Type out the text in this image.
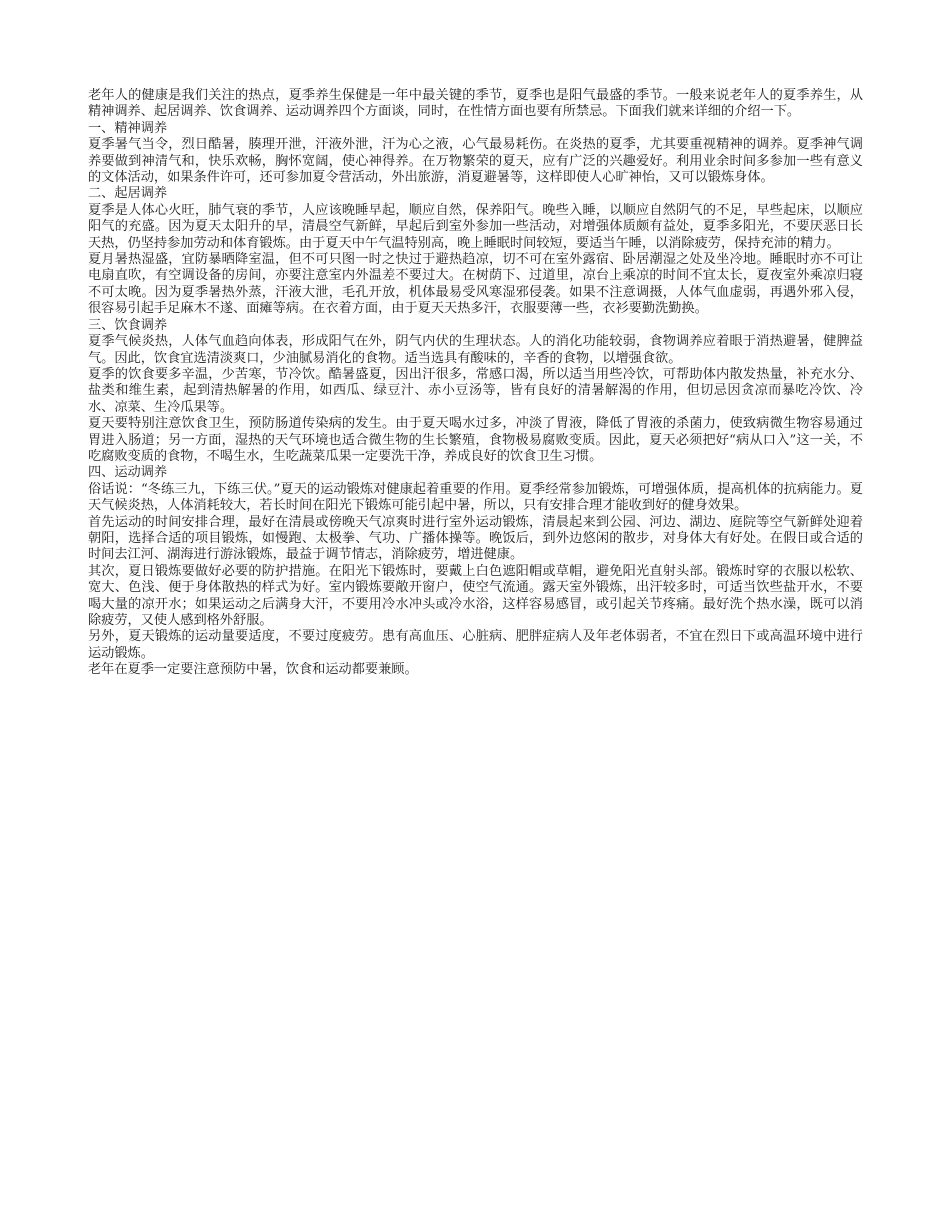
老年人的健康是我们关注的热点，夏季养生保健是一年中最关键的季节，夏季也是阳气最盛的季节。一般来说老年人的夏季养生，从精神调养、起居调养、饮食调养、运动调养四个方面谈，同时，在性情方面也要有所禁忌。下面我们就来详细的介绍一下。

一、精神调养

夏季暑气当令，烈日酷暑，腠理开泄，汗液外泄，汗为心之液，心气最易耗伤。在炎热的夏季，尤其要重视精神的调养。夏季神气调养要做到神清气和，快乐欢畅，胸怀宽阔，使心神得养。在万物繁荣的夏天，应有广泛的兴趣爱好。利用业余时间多参加一些有意义的文体活动，如果条件许可，还可参加夏令营活动，外出旅游，消夏避暑等，这样即使人心旷神怡，又可以锻炼身体。

二、起居调养

夏季是人体心火旺，肺气衰的季节，人应该晚睡早起，顺应自然，保养阳气。晚些入睡，以顺应自然阴气的不足，早些起床，以顺应阳气的充盛。因为夏天太阳升的早，清晨空气新鲜，早起后到室外参加一些活动，对增强体质颇有益处，夏季多阳光，不要厌恶日长天热，仍坚持参加劳动和体育锻炼。由于夏天中午气温特别高，晚上睡眠时间较短，要适当午睡，以消除疲劳，保持充沛的精力。

夏月暑热湿盛，宜防暴晒降室温，但不可只图一时之快过于避热趋凉，切不可在室外露宿、卧居潮湿之处及坐冷地。睡眠时亦不可让电扇直吹，有空调设备的房间，亦要注意室内外温差不要过大。在树荫下、过道里，凉台上乘凉的时间不宜太长，夏夜室外乘凉归寝不可太晚。因为夏季暑热外蒸，汗液大泄，毛孔开放，机体最易受风寒湿邪侵袭。如果不注意调摄，人体气血虚弱，再遇外邪入侵，很容易引起手足麻木不遂、面瘫等病。在衣着方面，由于夏天天热多汗，衣服要薄一些，衣衫要勤洗勤换。

三、饮食调养

夏季气候炎热，人体气血趋向体表，形成阳气在外，阴气内伏的生理状态。人的消化功能较弱，食物调养应着眼于消热避暑，健脾益气。因此，饮食宜选清淡爽口，少油腻易消化的食物。适当选具有酸味的，辛香的食物，以增强食欲。

夏季的饮食要多辛温，少苦寒，节冷饮。酷暑盛夏，因出汗很多，常感口渴，所以适当用些冷饮，可帮助体内散发热量，补充水分、盐类和维生素，起到清热解暑的作用，如西瓜、绿豆汁、赤小豆汤等，皆有良好的清暑解渴的作用，但切忌因贪凉而暴吃冷饮、冷水、凉菜、生冷瓜果等。

夏天要特别注意饮食卫生，预防肠道传染病的发生。由于夏天喝水过多，冲淡了胃液，降低了胃液的杀菌力，使致病微生物容易通过胃进入肠道；另一方面，湿热的天气环境也适合微生物的生长繁殖，食物极易腐败变质。因此，夏天必须把好“病从口入”这一关，不吃腐败变质的食物，不喝生水，生吃蔬菜瓜果一定要洗干净，养成良好的饮食卫生习惯。

四、运动调养

俗话说：“冬练三九，下练三伏。”夏天的运动锻炼对健康起着重要的作用。夏季经常参加锻炼，可增强体质，提高机体的抗病能力。夏天气候炎热，人体消耗较大，若长时间在阳光下锻炼可能引起中暑，所以，只有安排合理才能收到好的健身效果。

首先运动的时间安排合理，最好在清晨或傍晚天气凉爽时进行室外运动锻炼，清晨起来到公园、河边、湖边、庭院等空气新鲜处迎着朝阳，选择合适的项目锻炼，如慢跑、太极拳、气功、广播体操等。晚饭后，到外边悠闲的散步，对身体大有好处。在假日或合适的时间去江河、湖海进行游泳锻炼，最益于调节情志，消除疲劳，增进健康。

其次，夏日锻炼要做好必要的防护措施。在阳光下锻炼时，要戴上白色遮阳帽或草帽，避免阳光直射头部。锻炼时穿的衣服以松软、宽大、色浅、便于身体散热的样式为好。室内锻炼要敞开窗户，使空气流通。露天室外锻炼，出汗较多时，可适当饮些盐开水，不要喝大量的凉开水；如果运动之后满身大汗，不要用冷水冲头或冷水浴，这样容易感冒，或引起关节疼痛。最好洗个热水澡，既可以消除疲劳，又使人感到格外舒服。

另外，夏天锻炼的运动量要适度，不要过度疲劳。患有高血压、心脏病、肥胖症病人及年老体弱者，不宜在烈日下或高温环境中进行运动锻炼。

老年在夏季一定要注意预防中暑，饮食和运动都要兼顾。
